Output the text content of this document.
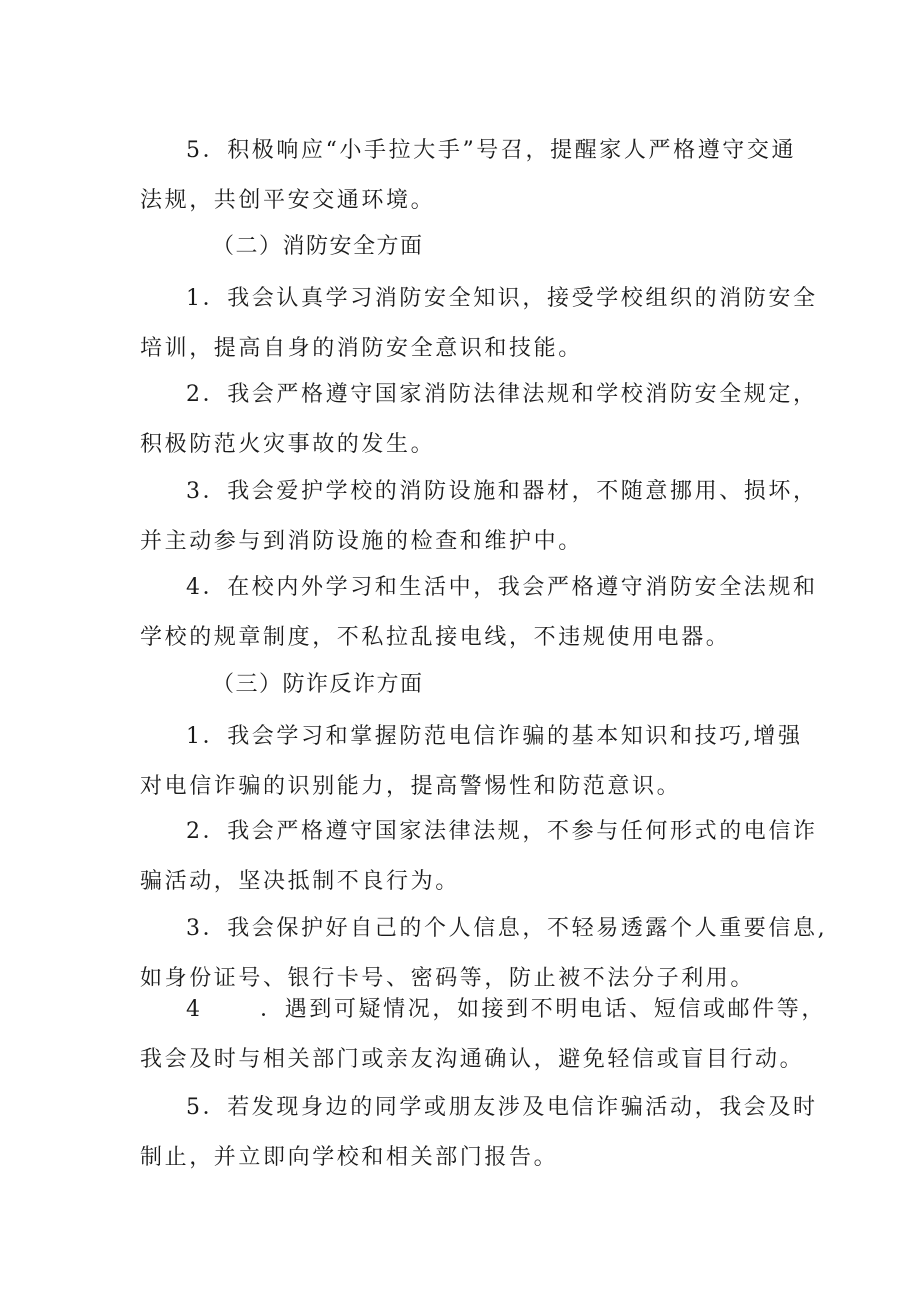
5．积极响应“小手拉大手”号召，提醒家人严格遵守交通
法规，共创平安交通环境。
（二）消防安全方面
1．我会认真学习消防安全知识，接受学校组织的消防安全
培训，提高自身的消防安全意识和技能。
2．我会严格遵守国家消防法律法规和学校消防安全规定，
积极防范火灾事故的发生。
3．我会爱护学校的消防设施和器材，不随意挪用、损坏，
并主动参与到消防设施的检查和维护中。
4．在校内外学习和生活中，我会严格遵守消防安全法规和
学校的规章制度，不私拉乱接电线，不违规使用电器。
（三）防诈反诈方面
1．我会学习和掌握防范电信诈骗的基本知识和技巧,增强
对电信诈骗的识别能力，提高警惕性和防范意识。
2．我会严格遵守国家法律法规，不参与任何形式的电信诈
骗活动，坚决抵制不良行为。
3．我会保护好自己的个人信息，不轻易透露个人重要信息,
如身份证号、银行卡号、密码等，防止被不法分子利用。
4      ．遇到可疑情况，如接到不明电话、短信或邮件等，
我会及时与相关部门或亲友沟通确认，避免轻信或盲目行动。
5．若发现身边的同学或朋友涉及电信诈骗活动，我会及时
制止，并立即向学校和相关部门报告。
